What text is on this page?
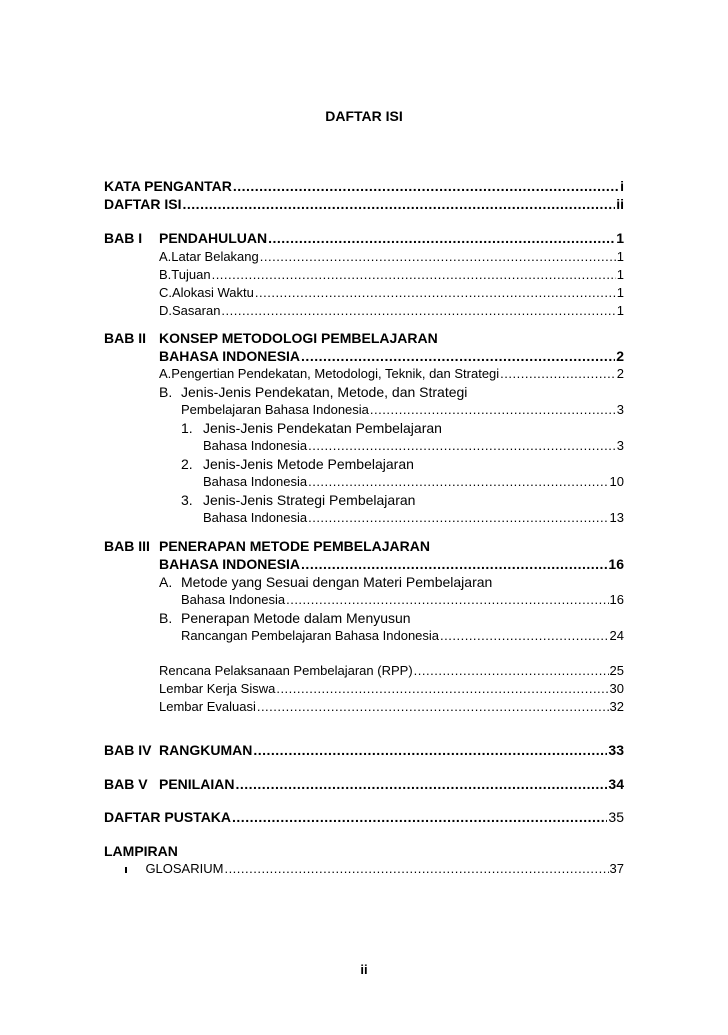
DAFTAR ISI
KATA PENGANTAR .....	i
DAFTAR ISI .....	ii
BAB I PENDAHULUAN .....	1
A. Latar Belakang .....	1
B. Tujuan .....	1
C. Alokasi Waktu .....	1
D. Sasaran .....	1
BAB II KONSEP METODOLOGI PEMBELAJARAN
BAHASA INDONESIA .....	2
A. Pengertian Pendekatan, Metodologi, Teknik, dan Strategi .....	2
B. Jenis-Jenis Pendekatan, Metode, dan Strategi
Pembelajaran Bahasa Indonesia .....	3
1. Jenis-Jenis Pendekatan Pembelajaran
Bahasa Indonesia .....	3
2. Jenis-Jenis Metode Pembelajaran
Bahasa Indonesia .....	10
3. Jenis-Jenis Strategi Pembelajaran
Bahasa Indonesia .....	13
BAB III PENERAPAN METODE PEMBELAJARAN
BAHASA INDONESIA .....	16
A. Metode yang Sesuai dengan Materi Pembelajaran
Bahasa Indonesia .....	16
B. Penerapan Metode dalam Menyusun
Rancangan Pembelajaran Bahasa Indonesia .....	24
Rencana Pelaksanaan Pembelajaran (RPP) .....	25
Lembar Kerja Siswa .....	30
Lembar Evaluasi .....	32
BAB IV RANGKUMAN .....	33
BAB V PENILAIAN .....	34
DAFTAR PUSTAKA .....	35
LAMPIRAN
GLOSARIUM .....	37
ii
